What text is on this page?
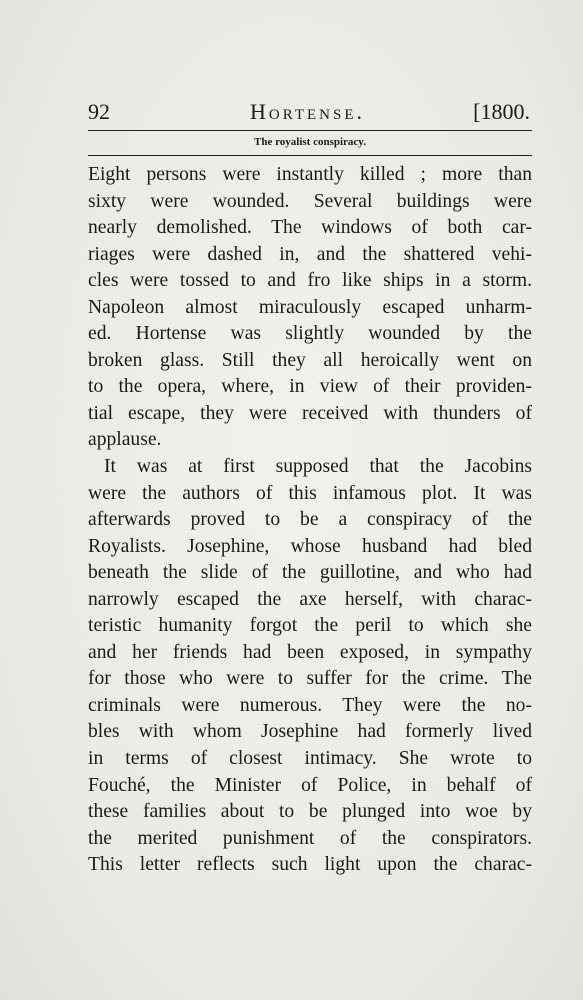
92	Hortense.	[1800.
The royalist conspiracy.
Eight persons were instantly killed ; more than
sixty were wounded. Several buildings were
nearly demolished. The windows of both car-
riages were dashed in, and the shattered vehi-
cles were tossed to and fro like ships in a storm.
Napoleon almost miraculously escaped unharm-
ed. Hortense was slightly wounded by the
broken glass. Still they all heroically went on
to the opera, where, in view of their providen-
tial escape, they were received with thunders of
applause.
It was at first supposed that the Jacobins
were the authors of this infamous plot. It was
afterwards proved to be a conspiracy of the
Royalists. Josephine, whose husband had bled
beneath the slide of the guillotine, and who had
narrowly escaped the axe herself, with charac-
teristic humanity forgot the peril to which she
and her friends had been exposed, in sympathy
for those who were to suffer for the crime. The
criminals were numerous. They were the no-
bles with whom Josephine had formerly lived
in terms of closest intimacy. She wrote to
Fouché, the Minister of Police, in behalf of
these families about to be plunged into woe by
the merited punishment of the conspirators.
This letter reflects such light upon the charac-
